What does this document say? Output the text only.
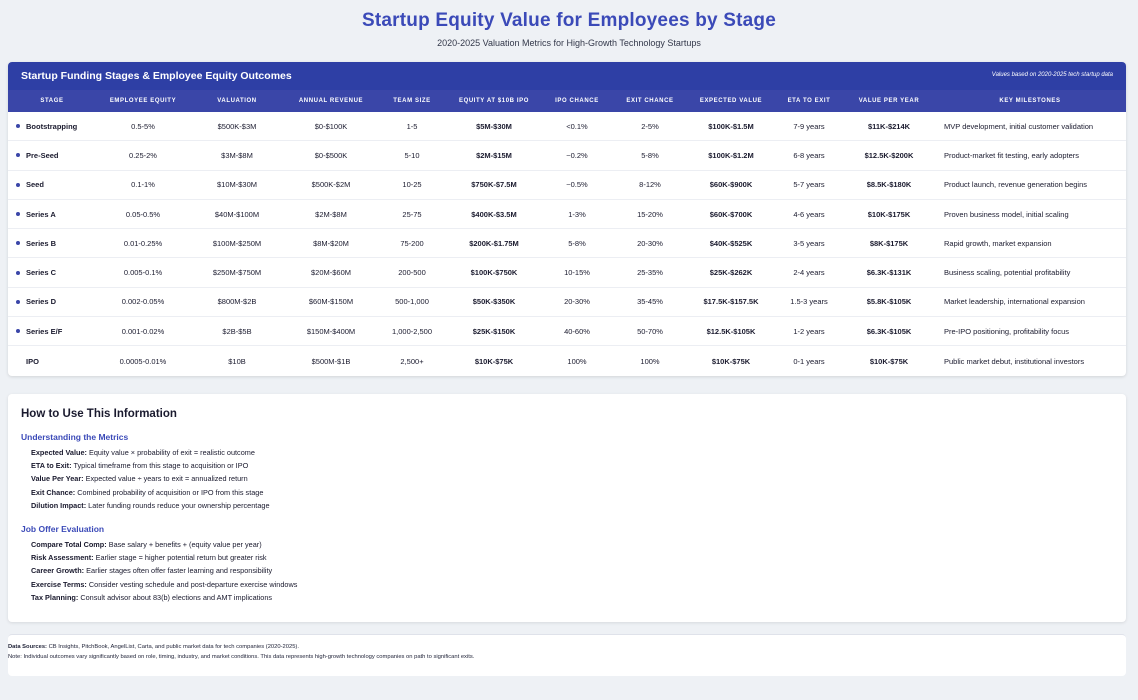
Startup Equity Value for Employees by Stage
2020-2025 Valuation Metrics for High-Growth Technology Startups
Startup Funding Stages & Employee Equity Outcomes	Values based on 2020-2025 tech startup data
STAGE	EMPLOYEE EQUITY	VALUATION	ANNUAL REVENUE	TEAM SIZE	EQUITY AT $10B IPO	IPO CHANCE	EXIT CHANCE	EXPECTED VALUE	ETA TO EXIT	VALUE PER YEAR	KEY MILESTONES
Bootstrapping	0.5-5%	$500K-$3M	$0-$100K	1-5	$5M-$30M	<0.1%	2-5%	$100K-$1.5M	7-9 years	$11K-$214K	MVP development, initial customer validation
Pre-Seed	0.25-2%	$3M-$8M	$0-$500K	5-10	$2M-$15M	~0.2%	5-8%	$100K-$1.2M	6-8 years	$12.5K-$200K	Product-market fit testing, early adopters
Seed	0.1-1%	$10M-$30M	$500K-$2M	10-25	$750K-$7.5M	~0.5%	8-12%	$60K-$900K	5-7 years	$8.5K-$180K	Product launch, revenue generation begins
Series A	0.05-0.5%	$40M-$100M	$2M-$8M	25-75	$400K-$3.5M	1-3%	15-20%	$60K-$700K	4-6 years	$10K-$175K	Proven business model, initial scaling
Series B	0.01-0.25%	$100M-$250M	$8M-$20M	75-200	$200K-$1.75M	5-8%	20-30%	$40K-$525K	3-5 years	$8K-$175K	Rapid growth, market expansion
Series C	0.005-0.1%	$250M-$750M	$20M-$60M	200-500	$100K-$750K	10-15%	25-35%	$25K-$262K	2-4 years	$6.3K-$131K	Business scaling, potential profitability
Series D	0.002-0.05%	$800M-$2B	$60M-$150M	500-1,000	$50K-$350K	20-30%	35-45%	$17.5K-$157.5K	1.5-3 years	$5.8K-$105K	Market leadership, international expansion
Series E/F	0.001-0.02%	$2B-$5B	$150M-$400M	1,000-2,500	$25K-$150K	40-60%	50-70%	$12.5K-$105K	1-2 years	$6.3K-$105K	Pre-IPO positioning, profitability focus
IPO	0.0005-0.01%	$10B	$500M-$1B	2,500+	$10K-$75K	100%	100%	$10K-$75K	0-1 years	$10K-$75K	Public market debut, institutional investors
How to Use This Information
Understanding the Metrics
Expected Value: Equity value × probability of exit = realistic outcome
ETA to Exit: Typical timeframe from this stage to acquisition or IPO
Value Per Year: Expected value ÷ years to exit = annualized return
Exit Chance: Combined probability of acquisition or IPO from this stage
Dilution Impact: Later funding rounds reduce your ownership percentage
Job Offer Evaluation
Compare Total Comp: Base salary + benefits + (equity value per year)
Risk Assessment: Earlier stage = higher potential return but greater risk
Career Growth: Earlier stages often offer faster learning and responsibility
Exercise Terms: Consider vesting schedule and post-departure exercise windows
Tax Planning: Consult advisor about 83(b) elections and AMT implications
Data Sources: CB Insights, PitchBook, AngelList, Carta, and public market data for tech companies (2020-2025).
Note: Individual outcomes vary significantly based on role, timing, industry, and market conditions. This data represents high-growth technology companies on path to significant exits.
